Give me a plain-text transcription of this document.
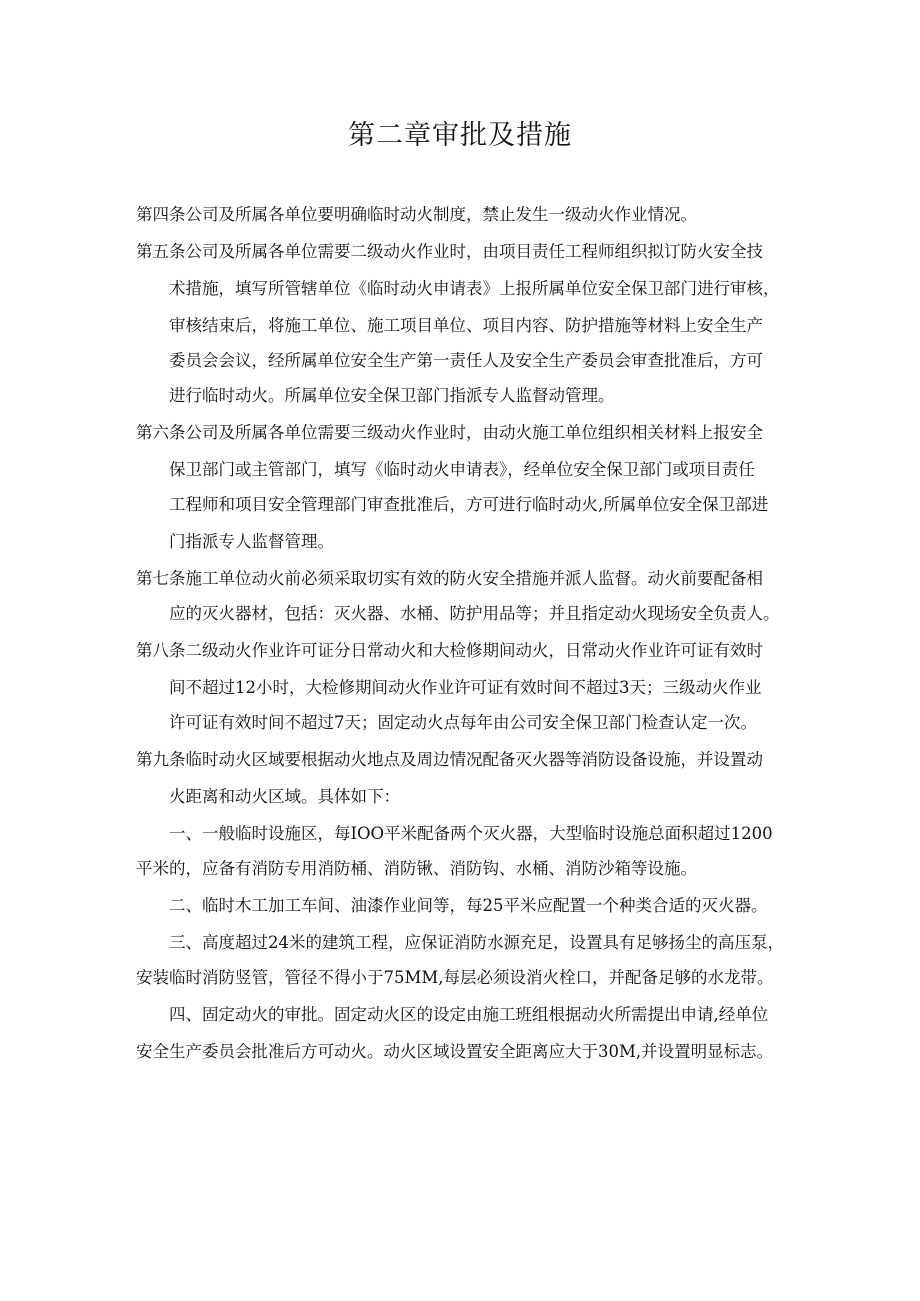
第二章审批及措施

第四条公司及所属各单位要明确临时动火制度，禁止发生一级动火作业情况。

第五条公司及所属各单位需要二级动火作业时，由项目责任工程师组织拟订防火安全技

术措施，填写所管辖单位《临时动火申请表》上报所属单位安全保卫部门进行审核，

审核结束后，将施工单位、施工项目单位、项目内容、防护措施等材料上安全生产

委员会会议，经所属单位安全生产第一责任人及安全生产委员会审查批准后，方可

进行临时动火。所属单位安全保卫部门指派专人监督动管理。

第六条公司及所属各单位需要三级动火作业时，由动火施工单位组织相关材料上报安全

保卫部门或主管部门，填写《临时动火申请表》，经单位安全保卫部门或项目责任

工程师和项目安全管理部门审查批准后，方可进行临时动火,所属单位安全保卫部进

门指派专人监督管理。

第七条施工单位动火前必须采取切实有效的防火安全措施并派人监督。动火前要配备相

应的灭火器材，包括：灭火器、水桶、防护用品等；并且指定动火现场安全负责人。

第八条二级动火作业许可证分日常动火和大检修期间动火，日常动火作业许可证有效时

间不超过12小时，大检修期间动火作业许可证有效时间不超过3天；三级动火作业

许可证有效时间不超过7天；固定动火点每年由公司安全保卫部门检查认定一次。

第九条临时动火区域要根据动火地点及周边情况配备灭火器等消防设备设施，并设置动

火距离和动火区域。具体如下：

一、一般临时设施区，每IOO平米配备两个灭火器，大型临时设施总面积超过1200

平米的，应备有消防专用消防桶、消防锹、消防钩、水桶、消防沙箱等设施。

二、临时木工加工车间、油漆作业间等，每25平米应配置一个种类合适的灭火器。

三、高度超过24米的建筑工程，应保证消防水源充足，设置具有足够扬尘的高压泵，

安装临时消防竖管，管径不得小于75MM,每层必须设消火栓口，并配备足够的水龙带。

四、固定动火的审批。固定动火区的设定由施工班组根据动火所需提出申请,经单位

安全生产委员会批准后方可动火。动火区域设置安全距离应大于30M,并设置明显标志。
